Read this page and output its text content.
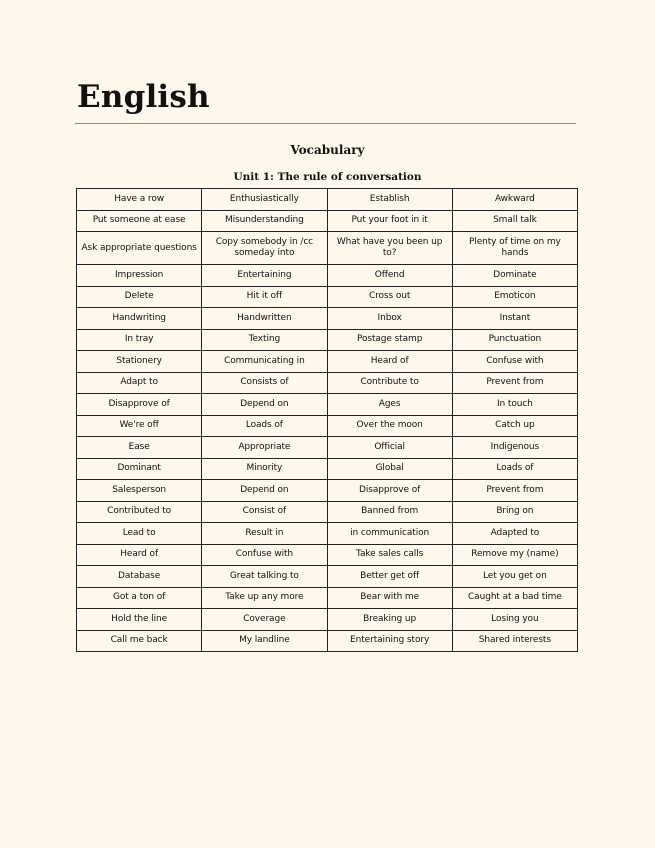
English
Vocabulary
Unit 1: The rule of conversation
Have a row	Enthusiastically	Establish	Awkward
Put someone at ease	Misunderstanding	Put your foot in it	Small talk
Ask appropriate questions	Copy somebody in /cc someday into	What have you been up to?	Plenty of time on my hands
Impression	Entertaining	Offend	Dominate
Delete	Hit it off	Cross out	Emoticon
Handwriting	Handwritten	Inbox	Instant
In tray	Texting	Postage stamp	Punctuation
Stationery	Communicating in	Heard of	Confuse with
Adapt to	Consists of	Contribute to	Prevent from
Disapprove of	Depend on	Ages	In touch
We're off	Loads of	Over the moon	Catch up
Ease	Appropriate	Official	Indigenous
Dominant	Minority	Global	Loads of
Salesperson	Depend on	Disapprove of	Prevent from
Contributed to	Consist of	Banned from	Bring on
Lead to	Result in	in communication	Adapted to
Heard of	Confuse with	Take sales calls	Remove my (name)
Database	Great talking to	Better get off	Let you get on
Got a ton of	Take up any more	Bear with me	Caught at a bad time
Hold the line	Coverage	Breaking up	Losing you
Call me back	My landline	Entertaining story	Shared interests
